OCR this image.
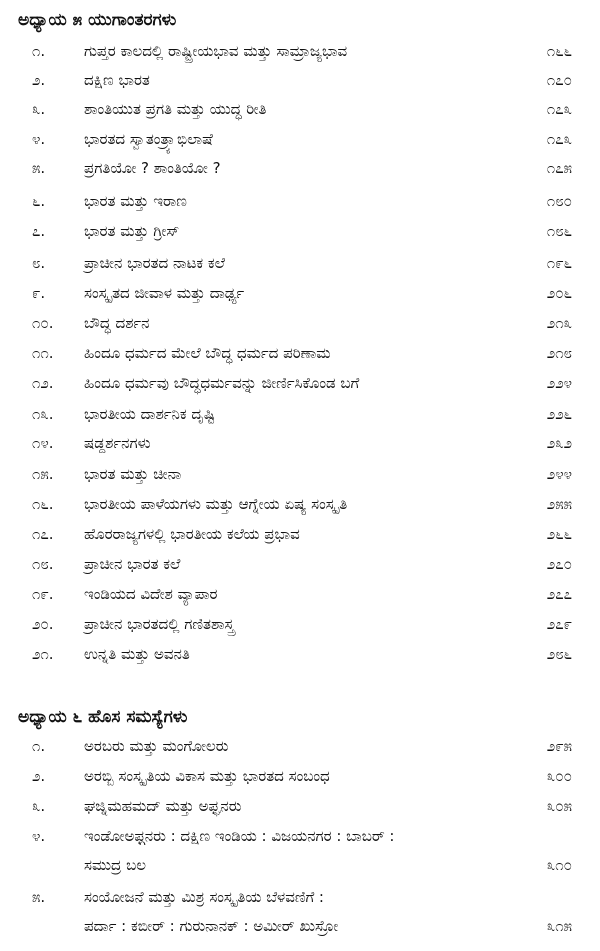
ಅಧ್ಯಾಯ ೫ ಯುಗಾಂತರಗಳು
೧.	ಗುಪ್ತರ ಕಾಲದಲ್ಲಿ ರಾಷ್ಟ್ರೀಯಭಾವ ಮತ್ತು ಸಾಮ್ರಾಜ್ಯಭಾವ	೧೬೬
೨.	ದಕ್ಷಿಣ ಭಾರತ	೧೭೦
೩.	ಶಾಂತಿಯುತ ಪ್ರಗತಿ ಮತ್ತು ಯುದ್ಧ ರೀತಿ	೧೭೩
೪.	ಭಾರತದ ಸ್ವಾತಂತ್ರ್ಯಾಭಿಲಾಷೆ	೧೭೩
೫.	ಪ್ರಗತಿಯೋ ? ಶಾಂತಿಯೋ ?	೧೭೫
೬.	ಭಾರತ ಮತ್ತು ಇರಾಣ	೧೮೦
೭.	ಭಾರತ ಮತ್ತು ಗ್ರೀಸ್	೧೮೬
೮.	ಪ್ರಾಚೀನ ಭಾರತದ ನಾಟಕ ಕಲೆ	೧೯೬
೯.	ಸಂಸ್ಕೃತದ ಜೀವಾಳ ಮತ್ತು ದಾರ್ಢ್ಯ	೨೦೬
೧೦. ಬೌದ್ಧ ದರ್ಶನ	೨೧೩
೧೧. ಹಿಂದೂ ಧರ್ಮದ ಮೇಲೆ ಬೌದ್ಧ ಧರ್ಮದ ಪರಿಣಾಮ	೨೧೮
೧೨. ಹಿಂದೂ ಧರ್ಮವು ಬೌದ್ಧಧರ್ಮವನ್ನು ಜೀರ್ಣಿಸಿಕೊಂಡ ಬಗೆ	೨೨೪
೧೩. ಭಾರತೀಯ ದಾರ್ಶನಿಕ ದೃಷ್ಟಿ	೨೨೬
೧೪. ಷಡ್ದರ್ಶನಗಳು	೨೩೨
೧೫. ಭಾರತ ಮತ್ತು ಚೀನಾ	೨೪೪
೧೬. ಭಾರತೀಯ ಪಾಳೆಯಗಳು ಮತ್ತು ಆಗ್ನೇಯ ಏಷ್ಯ ಸಂಸ್ಕೃತಿ	೨೫೫
೧೭. ಹೊರರಾಜ್ಯಗಳಲ್ಲಿ ಭಾರತೀಯ ಕಲೆಯ ಪ್ರಭಾವ	೨೬೬
೧೮. ಪ್ರಾಚೀನ ಭಾರತ ಕಲೆ	೨೭೦
೧೯. ಇಂಡಿಯದ ವಿದೇಶ ವ್ಯಾಪಾರ	೨೭೭
೨೦. ಪ್ರಾಚೀನ ಭಾರತದಲ್ಲಿ ಗಣಿತಶಾಸ್ತ್ರ	೨೭೯
೨೧. ಉನ್ನತಿ ಮತ್ತು ಅವನತಿ	೨೮೬
ಅಧ್ಯಾಯ ೬ ಹೊಸ ಸಮಸ್ಯೆಗಳು
೧.	ಅರಬರು ಮತ್ತು ಮಂಗೋಲರು	೨೯೫
೨.	ಅರಬ್ಬಿ ಸಂಸ್ಕೃತಿಯ ವಿಕಾಸ ಮತ್ತು ಭಾರತದ ಸಂಬಂಧ	೩೦೦
೩.	ಘಜ್ನಿಮಹಮದ್ ಮತ್ತು ಅಫ್ಘನರು	೩೦೫
೪.	ಇಂಡೋಅಫ್ಗನರು : ದಕ್ಷಿಣ ಇಂಡಿಯ : ವಿಜಯನಗರ : ಬಾಬರ್ :
ಸಮುದ್ರ ಬಲ	೩೧೦
೫.	ಸಂಯೋಜನೆ ಮತ್ತು ಮಿಶ್ರ ಸಂಸ್ಕೃತಿಯ ಬೆಳವಣಿಗೆ :
ಪರ್ದಾ : ಕಬೀರ್ : ಗುರುನಾನಕ್ : ಅಮೀರ್ ಖುಸ್ರೋ	೩೧೫
